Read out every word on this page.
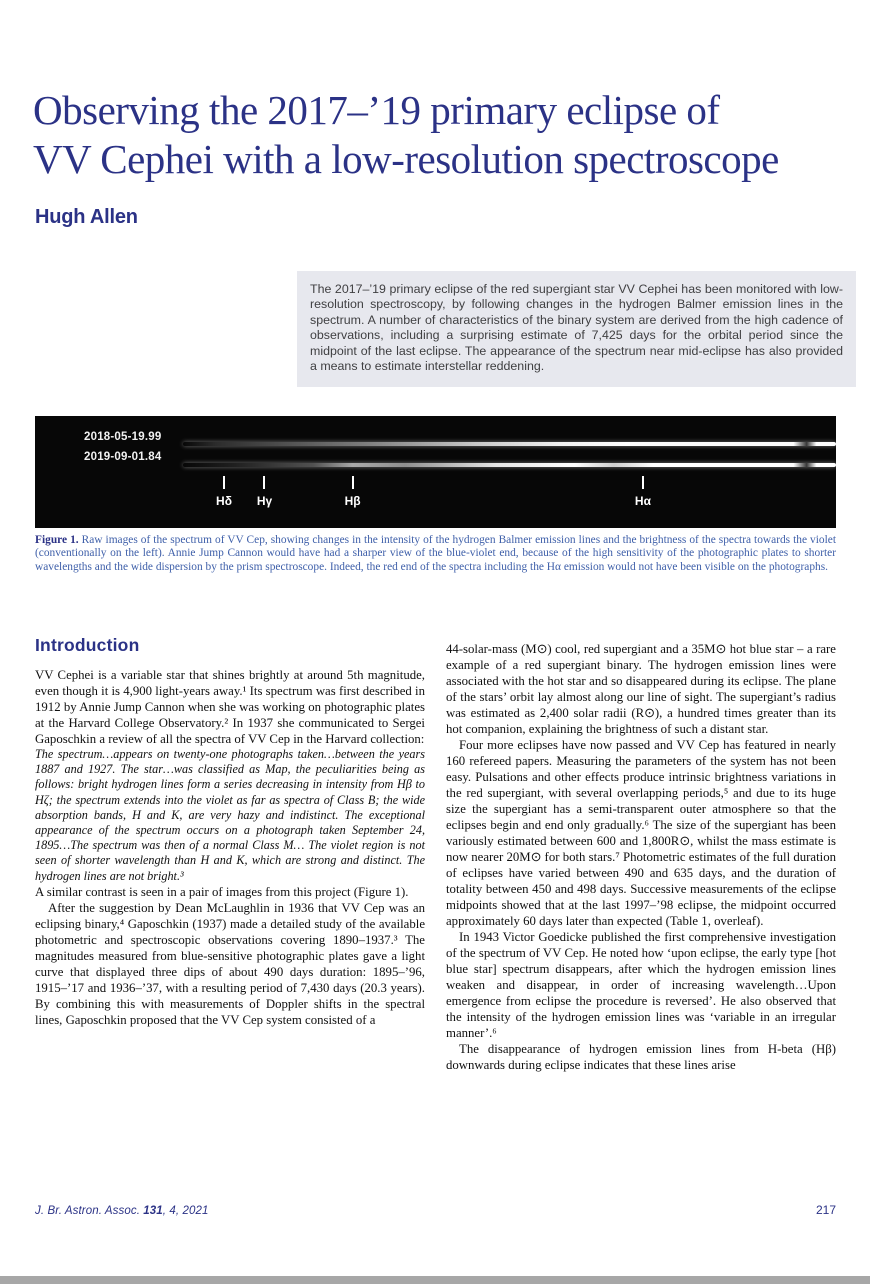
Observing the 2017–’19 primary eclipse of
VV Cephei with a low-resolution spectroscope
Hugh Allen
The 2017–’19 primary eclipse of the red supergiant star VV Cephei has been monitored with low-resolution spectroscopy, by following changes in the hydrogen Balmer emission lines in the spectrum. A number of characteristics of the binary system are derived from the high cadence of observations, including a surprising estimate of 7,425 days for the orbital period since the midpoint of the last eclipse. The appearance of the spectrum near mid-eclipse has also provided a means to estimate interstellar reddening.
2018-05-19.99
2019-09-01.84
Hδ Hγ	Hβ	Hα
Figure 1. Raw images of the spectrum of VV Cep, showing changes in the intensity of the hydrogen Balmer emission lines and the brightness of the spectra towards the violet (conventionally on the left). Annie Jump Cannon would have had a sharper view of the blue-violet end, because of the high sensitivity of the photographic plates to shorter wavelengths and the wide dispersion by the prism spectroscope. Indeed, the red end of the spectra including the Hα emission would not have been visible on the photographs.
Introduction

VV Cephei is a variable star that shines brightly at around 5th magnitude, even though it is 4,900 light-years away.¹ Its spectrum was first described in 1912 by Annie Jump Cannon when she was working on photographic plates at the Harvard College Observatory.² In 1937 she communicated to Sergei Gaposchkin a review of all the spectra of VV Cep in the Harvard collection:

The spectrum…appears on twenty-one photographs taken…between the years 1887 and 1927. The star…was classified as Map, the peculiarities being as follows: bright hydrogen lines form a series decreasing in intensity from Hβ to Hζ; the spectrum extends into the violet as far as spectra of Class B; the wide absorption bands, H and K, are very hazy and indistinct. The exceptional appearance of the spectrum occurs on a photograph taken September 24, 1895…The spectrum was then of a normal Class M… The violet region is not seen of shorter wavelength than H and K, which are strong and distinct. The hydrogen lines are not bright.³

A similar contrast is seen in a pair of images from this project (Figure 1).

After the suggestion by Dean McLaughlin in 1936 that VV Cep was an eclipsing binary,⁴ Gaposchkin (1937) made a detailed study of the available photometric and spectroscopic observations covering 1890–1937.³ The magnitudes measured from blue-sensitive photographic plates gave a light curve that displayed three dips of about 490 days duration: 1895–’96, 1915–’17 and 1936–’37, with a resulting period of 7,430 days (20.3 years). By combining this with measurements of Doppler shifts in the spectral lines, Gaposchkin proposed that the VV Cep system consisted of a

44-solar-mass (M⊙) cool, red supergiant and a 35M⊙ hot blue star – a rare example of a red supergiant binary. The hydrogen emission lines were associated with the hot star and so disappeared during its eclipse. The plane of the stars’ orbit lay almost along our line of sight. The supergiant’s radius was estimated as 2,400 solar radii (R⊙), a hundred times greater than its hot companion, explaining the brightness of such a distant star.

Four more eclipses have now passed and VV Cep has featured in nearly 160 refereed papers. Measuring the parameters of the system has not been easy. Pulsations and other effects produce intrinsic brightness variations in the red supergiant, with several overlapping periods,⁵ and due to its huge size the supergiant has a semi-transparent outer atmosphere so that the eclipses begin and end only gradually.⁶ The size of the supergiant has been variously estimated between 600 and 1,800R⊙, whilst the mass estimate is now nearer 20M⊙ for both stars.⁷ Photometric estimates of the full duration of eclipses have varied between 490 and 635 days, and the duration of totality between 450 and 498 days. Successive measurements of the eclipse midpoints showed that at the last 1997–’98 eclipse, the midpoint occurred approximately 60 days later than expected (Table 1, overleaf).

In 1943 Victor Goedicke published the first comprehensive investigation of the spectrum of VV Cep. He noted how ‘upon eclipse, the early type [hot blue star] spectrum disappears, after which the hydrogen emission lines weaken and disappear, in order of increasing wavelength…Upon emergence from eclipse the procedure is reversed’. He also observed that the intensity of the hydrogen emission lines was ‘variable in an irregular manner’.⁶

The disappearance of hydrogen emission lines from H-beta (Hβ) downwards during eclipse indicates that these lines arise

J. Br. Astron. Assoc. 131, 4, 2021	217
